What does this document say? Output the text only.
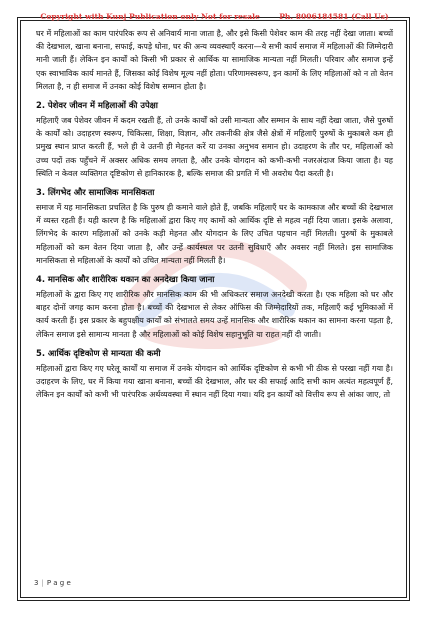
Copyright with Kunj Publication only Not for resale	Ph. 8006184581 (Call Us)

घर में महिलाओं का काम पारंपरिक रूप से अनिवार्य माना जाता है, और इसे किसी पेशेवर काम की तरह नहीं देखा जाता। बच्चों की देखभाल, खाना बनाना, सफाई, कपड़े धोना, घर की अन्य व्यवस्थाएँ करना—ये सभी कार्य समाज में महिलाओं की जिम्मेदारी मानी जाती हैं। लेकिन इन कार्यों को किसी भी प्रकार से आर्थिक या सामाजिक मान्यता नहीं मिलती। परिवार और समाज इन्हें एक स्वाभाविक कार्य मानते हैं, जिसका कोई विशेष मूल्य नहीं होता। परिणामस्वरूप, इन कामों के लिए महिलाओं को न तो वेतन मिलता है, न ही समाज में उनका कोई विशेष सम्मान होता है।

2. पेशेवर जीवन में महिलाओं की उपेक्षा

महिलाएँ जब पेशेवर जीवन में कदम रखती हैं, तो उनके कार्यों को उसी मान्यता और सम्मान के साथ नहीं देखा जाता, जैसे पुरुषों के कार्यों को। उदाहरण स्वरूप, चिकित्सा, शिक्षा, विज्ञान, और तकनीकी क्षेत्र जैसे क्षेत्रों में महिलाएँ पुरुषों के मुकाबले कम ही प्रमुख स्थान प्राप्त करती हैं, भले ही वे उतनी ही मेहनत करें या उनका अनुभव समान हो। उदाहरण के तौर पर, महिलाओं को उच्च पदों तक पहुँचने में अक्सर अधिक समय लगता है, और उनके योगदान को कभी-कभी नजरअंदाज किया जाता है। यह स्थिति न केवल व्यक्तिगत दृष्टिकोण से हानिकारक है, बल्कि समाज की प्रगति में भी अवरोध पैदा करती है।

3. लिंगभेद और सामाजिक मानसिकता

समाज में यह मानसिकता प्रचलित है कि पुरुष ही कमाने वाले होते हैं, जबकि महिलाएँ घर के कामकाज और बच्चों की देखभाल में व्यस्त रहती हैं। यही कारण है कि महिलाओं द्वारा किए गए कामों को आर्थिक दृष्टि से महत्व नहीं दिया जाता। इसके अलावा, लिंगभेद के कारण महिलाओं को उनके कड़ी मेहनत और योगदान के लिए उचित पहचान नहीं मिलती। पुरुषों के मुकाबले महिलाओं को कम वेतन दिया जाता है, और उन्हें कार्यस्थल पर उतनी सुविधाएँ और अवसर नहीं मिलते। इस सामाजिक मानसिकता से महिलाओं के कार्यों को उचित मान्यता नहीं मिलती है।

4. मानसिक और शारीरिक थकान का अनदेखा किया जाना

महिलाओं के द्वारा किए गए शारीरिक और मानसिक काम की भी अधिकतर समाज अनदेखी करता है। एक महिला को घर और बाहर दोनों जगह काम करना होता है। बच्चों की देखभाल से लेकर ऑफिस की जिम्मेदारियों तक, महिलाएँ कई भूमिकाओं में कार्य करती हैं। इस प्रकार के बहुपक्षीय कार्यों को संभालते समय उन्हें मानसिक और शारीरिक थकान का सामना करना पड़ता है, लेकिन समाज इसे सामान्य मानता है और महिलाओं को कोई विशेष सहानुभूति या राहत नहीं दी जाती।

5. आर्थिक दृष्टिकोण से मान्यता की कमी

महिलाओं द्वारा किए गए घरेलू कार्यों या समाज में उनके योगदान को आर्थिक दृष्टिकोण से कभी भी ठीक से परखा नहीं गया है। उदाहरण के लिए, घर में किया गया खाना बनाना, बच्चों की देखभाल, और घर की सफाई आदि सभी काम अत्यंत महत्वपूर्ण हैं, लेकिन इन कार्यों को कभी भी पारंपरिक अर्थव्यवस्था में स्थान नहीं दिया गया। यदि इन कार्यों को वित्तीय रूप से आंका जाए, तो

3 | P a g e
